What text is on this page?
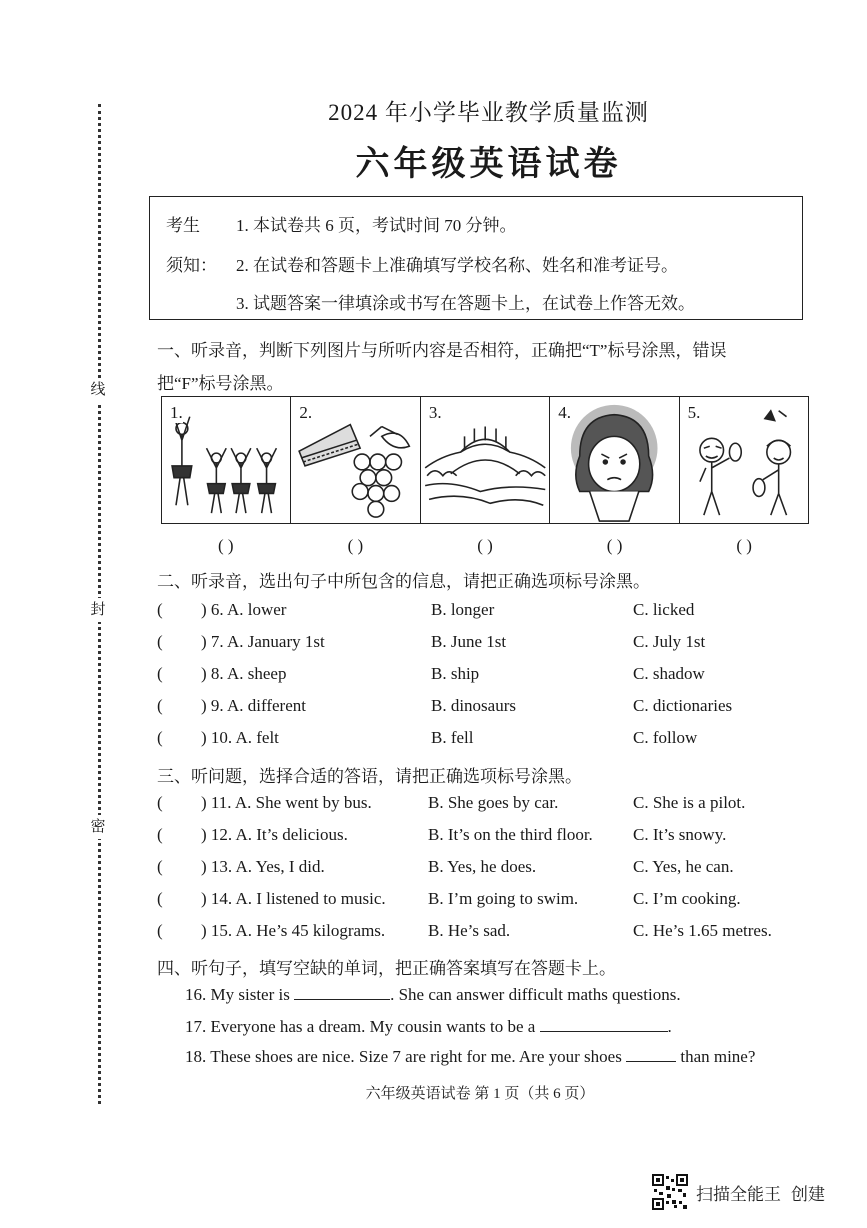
线
封
密
2024 年小学毕业教学质量监测
六年级英语试卷
考生
须知：
1. 本试卷共 6 页，考试时间 70 分钟。
2. 在试卷和答题卡上准确填写学校名称、姓名和准考证号。
3. 试题答案一律填涂或书写在答题卡上，在试卷上作答无效。
一、听录音，判断下列图片与所听内容是否相符，正确把“T”标号涂黑，错误
把“F”标号涂黑。
1.	2.	3.	4.	5.
( )	( )	( )	( )	( )
二、听录音，选出句子中所包含的信息，请把正确选项标号涂黑。
( ) 6. A. lower	B. longer	C. licked
( ) 7. A. January 1st	B. June 1st	C. July 1st
( ) 8. A. sheep	B. ship	C. shadow
( ) 9. A. different	B. dinosaurs	C. dictionaries
( ) 10. A. felt	B. fell	C. follow
三、听问题，选择合适的答语，请把正确选项标号涂黑。
( ) 11. A. She went by bus.	B. She goes by car.	C. She is a pilot.
( ) 12. A. It’s delicious.	B. It’s on the third floor. C. It’s snowy.
( ) 13. A. Yes, I did.	B. Yes, he does.	C. Yes, he can.
( ) 14. A. I listened to music. B. I’m going to swim.	C. I’m cooking.
( ) 15. A. He’s 45 kilograms.	B. He’s sad.	C. He’s 1.65 metres.
四、听句子，填写空缺的单词，把正确答案填写在答题卡上。
16. My sister is	. She can answer difficult maths questions.
17. Everyone has a dream. My cousin wants to be a	.
18. These shoes are nice. Size 7 are right for me. Are your shoes	than mine?
六年级英语试卷 第 1 页（共 6 页）
扫描全能王 创建
